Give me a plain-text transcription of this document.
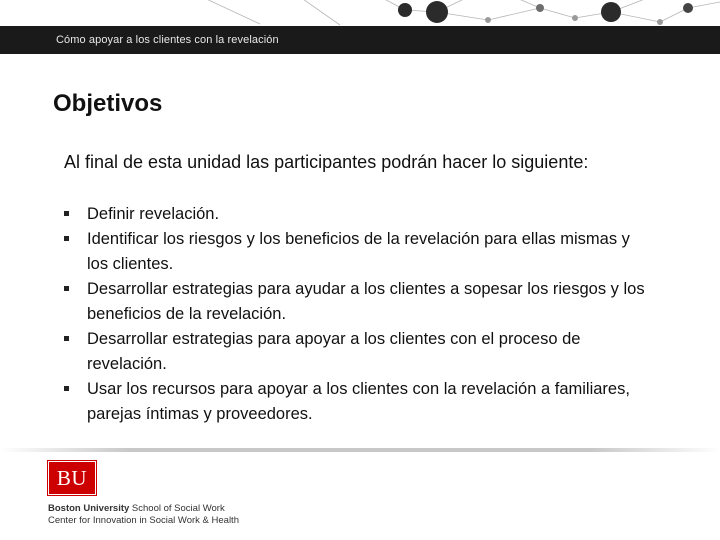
Cómo apoyar a los clientes con la revelación
Objetivos

Al final de esta unidad las participantes podrán hacer lo siguiente:

Definir revelación.
Identificar los riesgos y los beneficios de la revelación para ellas mismas y los clientes.
Desarrollar estrategias para ayudar a los clientes a sopesar los riesgos y los beneficios de la revelación.
Desarrollar estrategias para apoyar a los clientes con el proceso de revelación.
Usar los recursos para apoyar a los clientes con la revelación a familiares, parejas íntimas y proveedores.
BU
Boston University School of Social Work
Center for Innovation in Social Work & Health
